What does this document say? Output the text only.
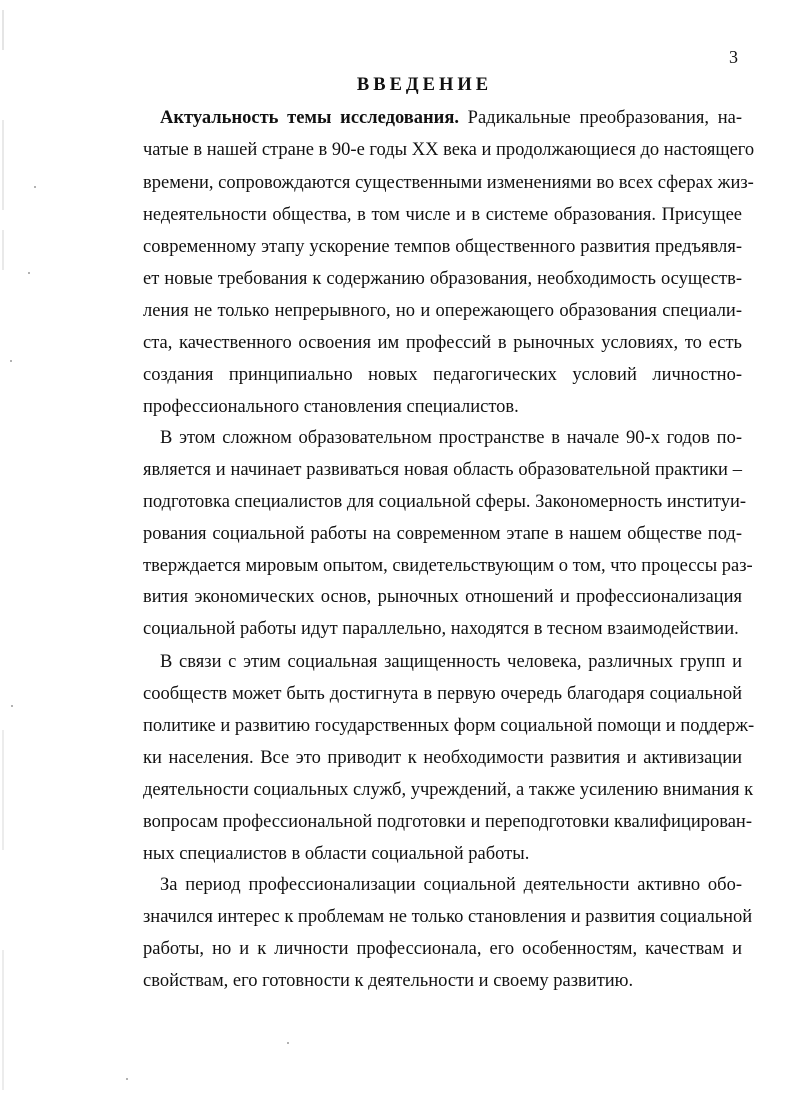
3
ВВЕДЕНИЕ
Актуальность темы исследования. Радикальные преобразования, на-
чатые в нашей стране в 90-е годы XX века и продолжающиеся до настоящего
времени, сопровождаются существенными изменениями во всех сферах жиз-
недеятельности общества, в том числе и в системе образования. Присущее
современному этапу ускорение темпов общественного развития предъявля-
ет новые требования к содержанию образования, необходимость осуществ-
ления не только непрерывного, но и опережающего образования специали-
ста, качественного освоения им профессий в рыночных условиях, то есть
создания принципиально новых педагогических условий личностно-
профессионального становления специалистов.
В этом сложном образовательном пространстве в начале 90-х годов по-
является и начинает развиваться новая область образовательной практики –
подготовка специалистов для социальной сферы. Закономерность институи-
рования социальной работы на современном этапе в нашем обществе под-
тверждается мировым опытом, свидетельствующим о том, что процессы раз-
вития экономических основ, рыночных отношений и профессионализация
социальной работы идут параллельно, находятся в тесном взаимодействии.
В связи с этим социальная защищенность человека, различных групп и
сообществ может быть достигнута в первую очередь благодаря социальной
политике и развитию государственных форм социальной помощи и поддерж-
ки населения. Все это приводит к необходимости развития и активизации
деятельности социальных служб, учреждений, а также усилению внимания к
вопросам профессиональной подготовки и переподготовки квалифицирован-
ных специалистов в области социальной работы.
За период профессионализации социальной деятельности активно обо-
значился интерес к проблемам не только становления и развития социальной
работы, но и к личности профессионала, его особенностям, качествам и
свойствам, его готовности к деятельности и своему развитию.
